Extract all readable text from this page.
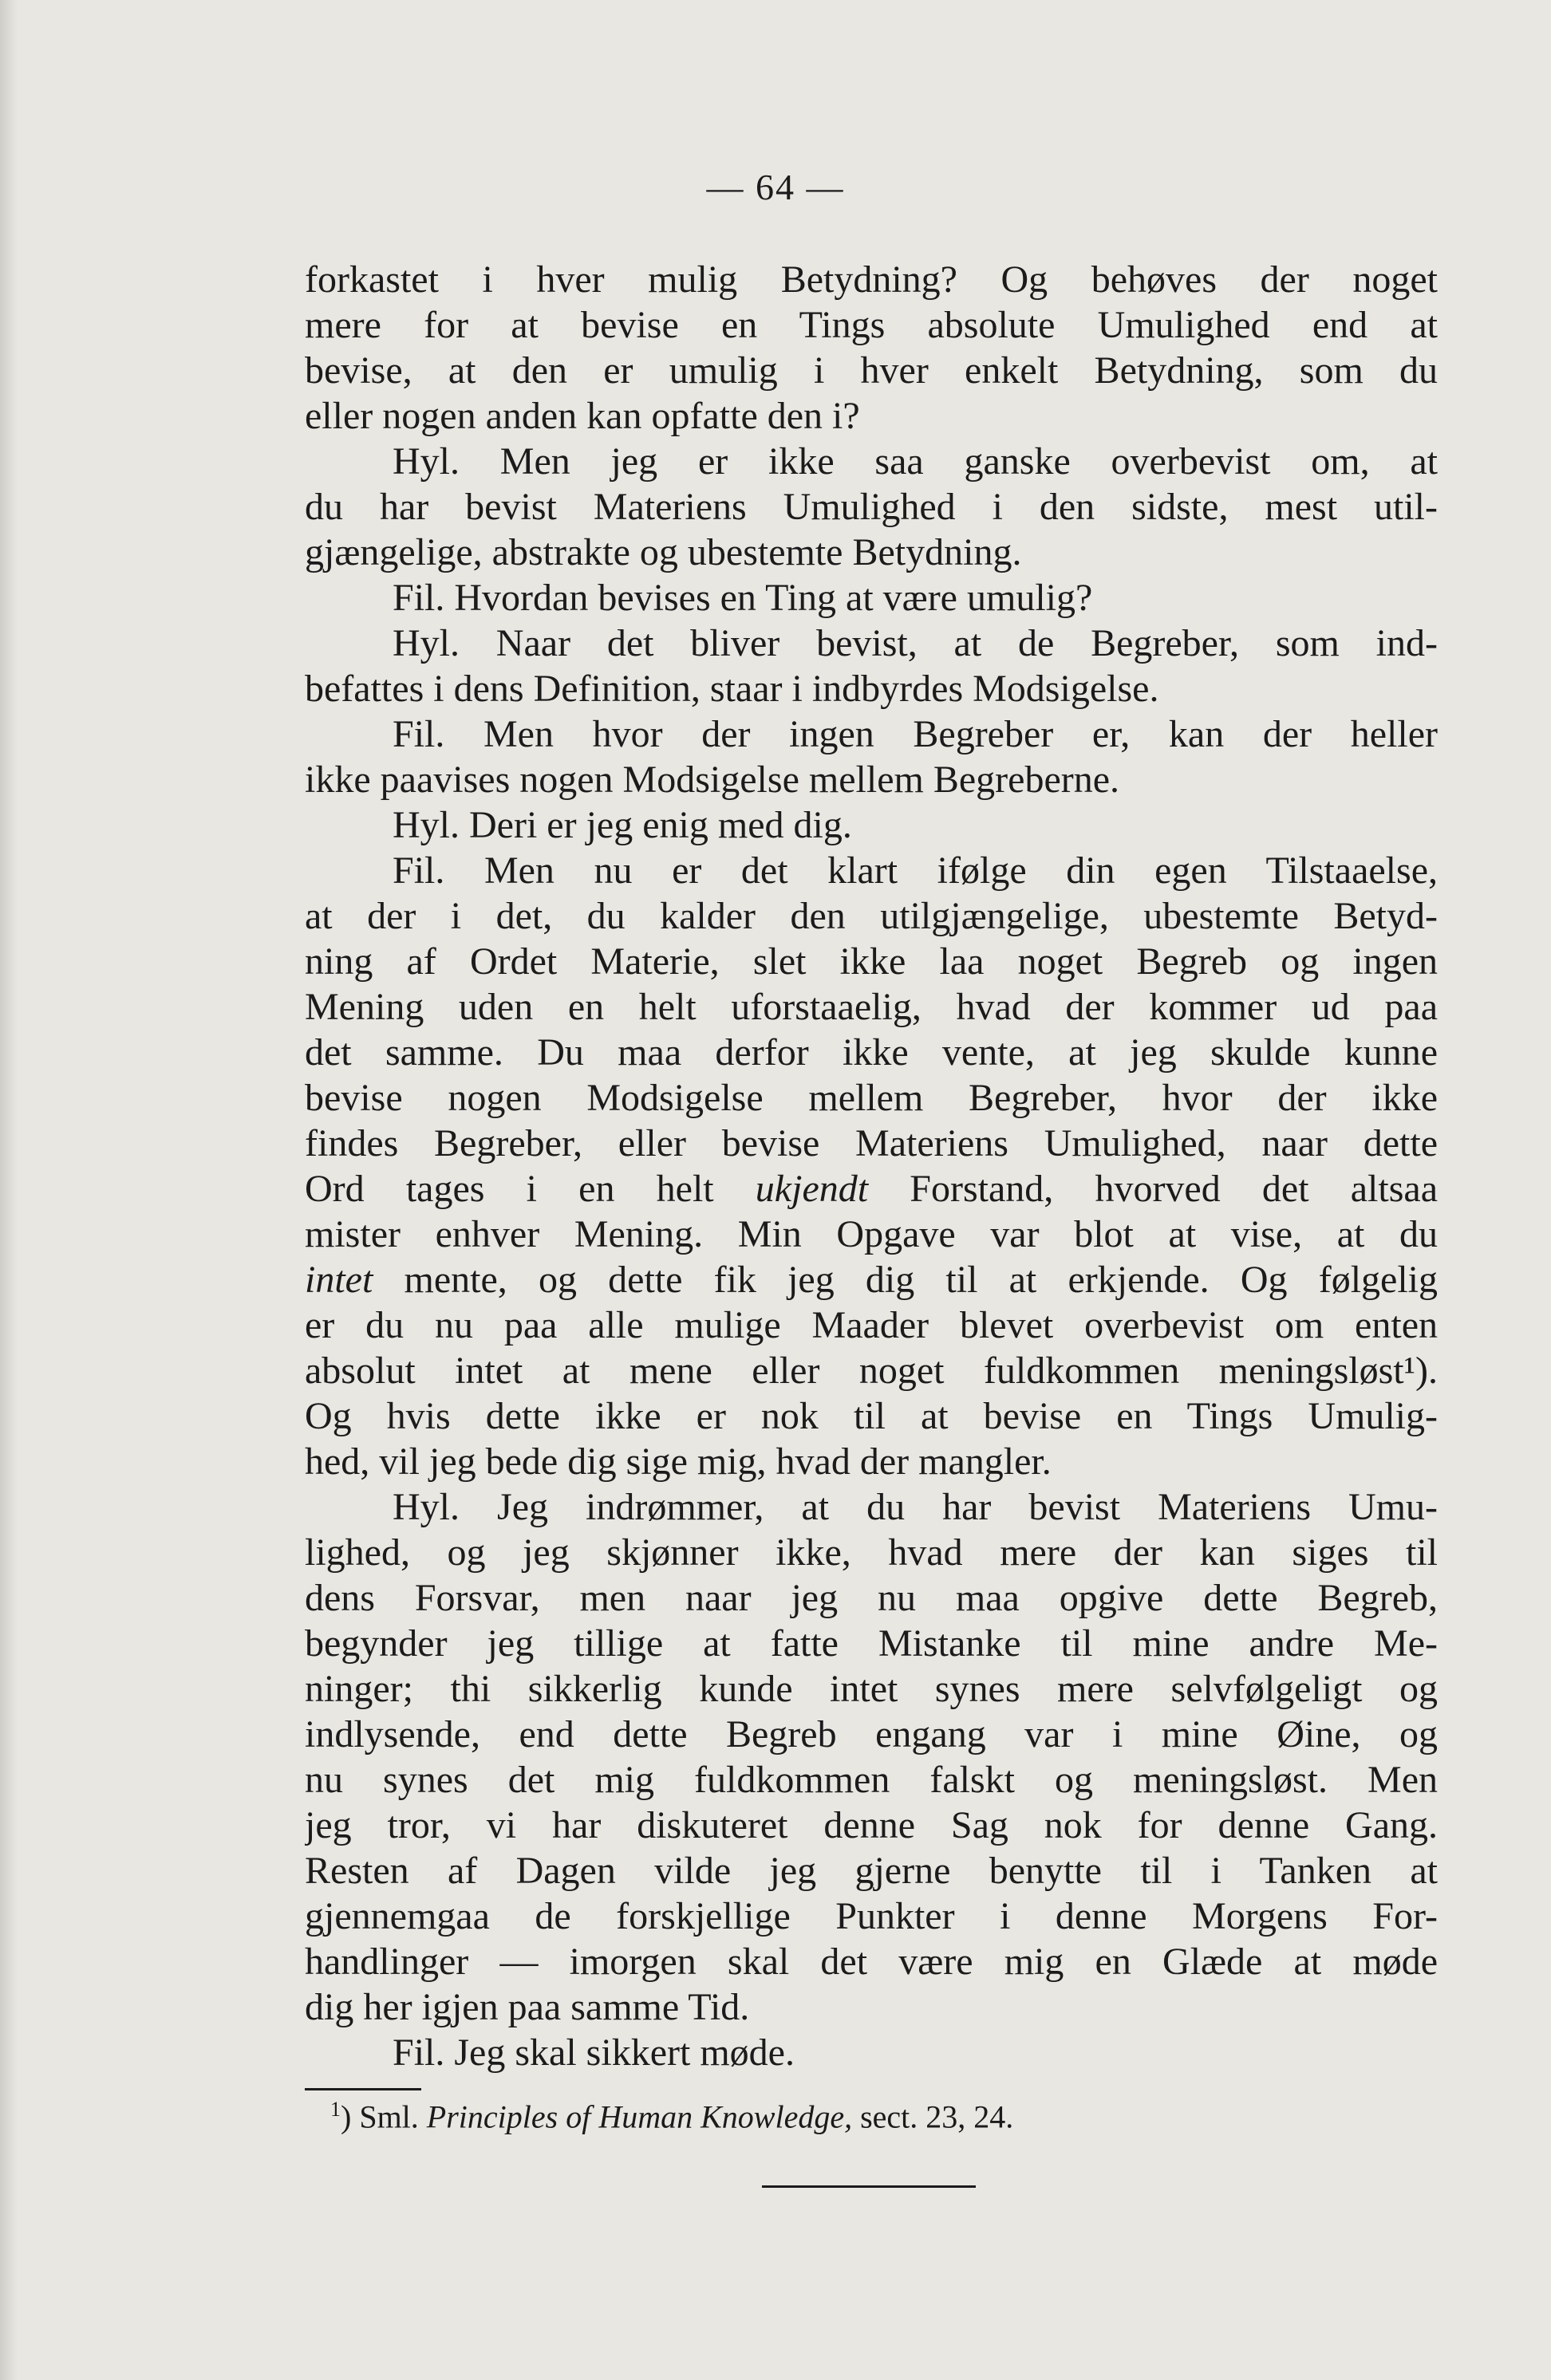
— 64 —
forkastet i hver mulig Betydning? Og behøves der noget
mere for at bevise en Tings absolute Umulighed end at
bevise, at den er umulig i hver enkelt Betydning, som du
eller nogen anden kan opfatte den i?
Hyl. Men jeg er ikke saa ganske overbevist om, at
du har bevist Materiens Umulighed i den sidste, mest util-
gjængelige, abstrakte og ubestemte Betydning.
Fil. Hvordan bevises en Ting at være umulig?
Hyl. Naar det bliver bevist, at de Begreber, som ind-
befattes i dens Definition, staar i indbyrdes Modsigelse.
Fil. Men hvor der ingen Begreber er, kan der heller
ikke paavises nogen Modsigelse mellem Begreberne.
Hyl. Deri er jeg enig med dig.
Fil. Men nu er det klart ifølge din egen Tilstaaelse,
at der i det, du kalder den utilgjængelige, ubestemte Betyd-
ning af Ordet Materie, slet ikke laa noget Begreb og ingen
Mening uden en helt uforstaaelig, hvad der kommer ud paa
det samme. Du maa derfor ikke vente, at jeg skulde kunne
bevise nogen Modsigelse mellem Begreber, hvor der ikke
findes Begreber, eller bevise Materiens Umulighed, naar dette
Ord tages i en helt ukjendt Forstand, hvorved det altsaa
mister enhver Mening. Min Opgave var blot at vise, at du
intet mente, og dette fik jeg dig til at erkjende. Og følgelig
er du nu paa alle mulige Maader blevet overbevist om enten
absolut intet at mene eller noget fuldkommen meningsløst¹).
Og hvis dette ikke er nok til at bevise en Tings Umulig-
hed, vil jeg bede dig sige mig, hvad der mangler.
Hyl. Jeg indrømmer, at du har bevist Materiens Umu-
lighed, og jeg skjønner ikke, hvad mere der kan siges til
dens Forsvar, men naar jeg nu maa opgive dette Begreb,
begynder jeg tillige at fatte Mistanke til mine andre Me-
ninger; thi sikkerlig kunde intet synes mere selvfølgeligt og
indlysende, end dette Begreb engang var i mine Øine, og
nu synes det mig fuldkommen falskt og meningsløst. Men
jeg tror, vi har diskuteret denne Sag nok for denne Gang.
Resten af Dagen vilde jeg gjerne benytte til i Tanken at
gjennemgaa de forskjellige Punkter i denne Morgens For-
handlinger — imorgen skal det være mig en Glæde at møde
dig her igjen paa samme Tid.
Fil. Jeg skal sikkert møde.
$^1$) Sml. Principles of Human Knowledge, sect. 23, 24.
